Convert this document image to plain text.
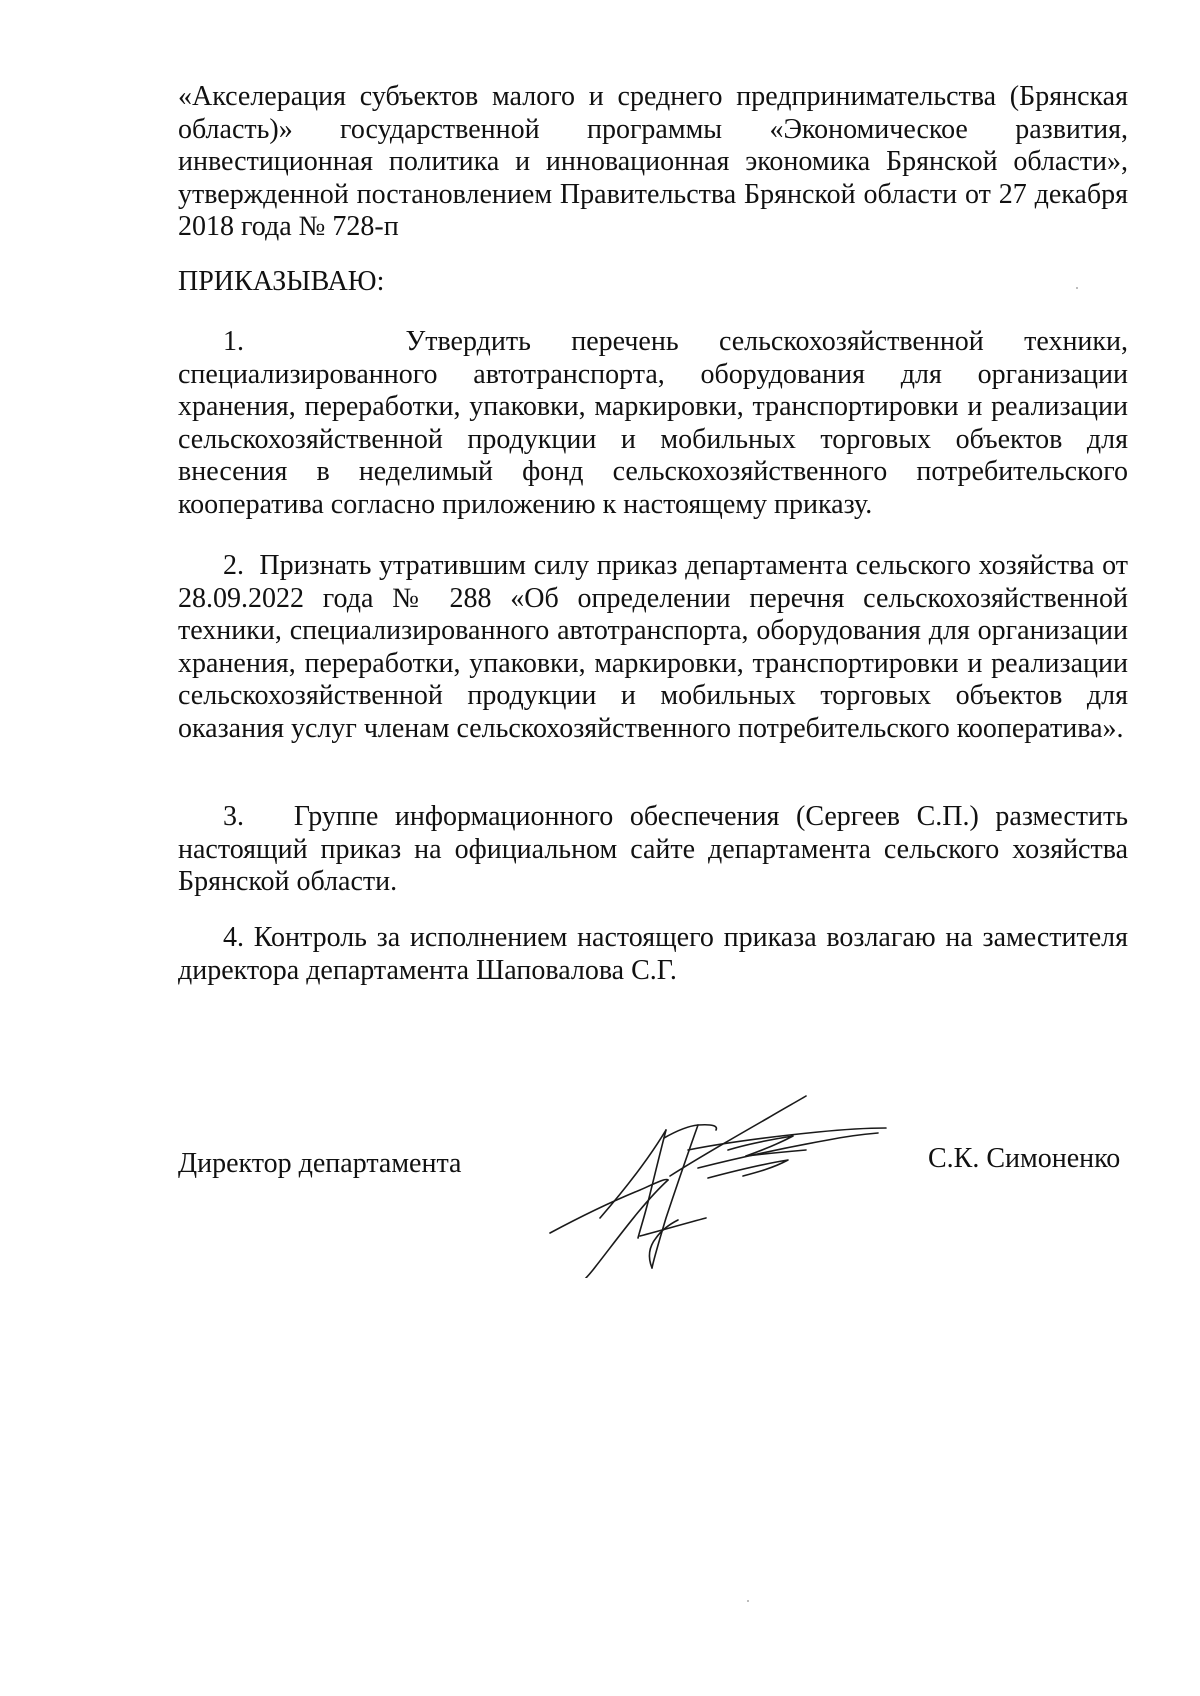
«Акселерация субъектов малого и среднего предпринимательства (Брянская область)» государственной программы «Экономическое развития, инвестиционная политика и инновационная экономика Брянской области», утвержденной постановлением Правительства Брянской области от 27 декабря 2018 года № 728-п
ПРИКАЗЫВАЮ:
1.	Утвердить перечень сельскохозяйственной техники, специализированного автотранспорта, оборудования для организации хранения, переработки, упаковки, маркировки, транспортировки и реализации сельскохозяйственной продукции и мобильных торговых объектов для внесения в неделимый фонд сельскохозяйственного потребительского кооператива согласно приложению к настоящему приказу.
2. Признать утратившим силу приказ департамента сельского хозяйства от 28.09.2022 года № 288 «Об определении перечня сельскохозяйственной техники, специализированного автотранспорта, оборудования для организации хранения, переработки, упаковки, маркировки, транспортировки и реализации сельскохозяйственной продукции и мобильных торговых объектов для оказания услуг членам сельскохозяйственного потребительского кооператива».
3. Группе информационного обеспечения (Сергеев С.П.) разместить настоящий приказ на официальном сайте департамента сельского хозяйства Брянской области.
4. Контроль за исполнением настоящего приказа возлагаю на заместителя директора департамента Шаповалова С.Г.
Директор департамента	С.К. Симоненко
